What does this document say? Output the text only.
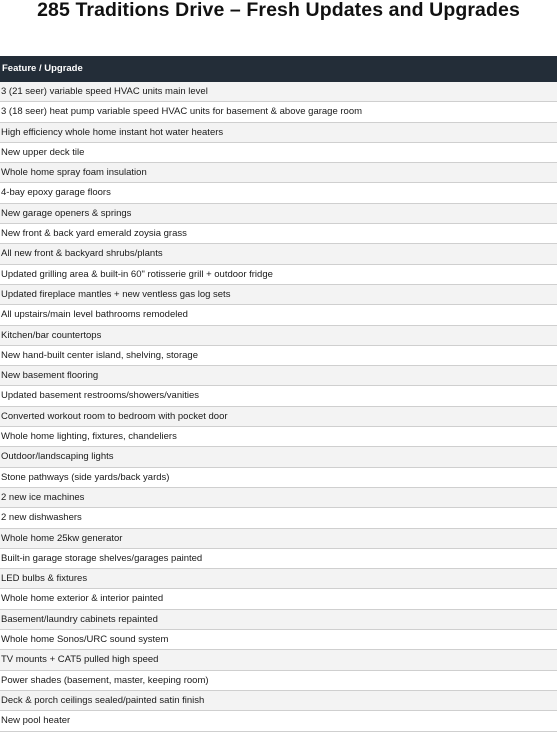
285 Traditions Drive – Fresh Updates and Upgrades
Feature / Upgrade
3 (21 seer) variable speed HVAC units main level
3 (18 seer) heat pump variable speed HVAC units for basement & above garage room
High efficiency whole home instant hot water heaters
New upper deck tile
Whole home spray foam insulation
4-bay epoxy garage floors
New garage openers & springs
New front & back yard emerald zoysia grass
All new front & backyard shrubs/plants
Updated grilling area & built-in 60" rotisserie grill + outdoor fridge
Updated fireplace mantles + new ventless gas log sets
All upstairs/main level bathrooms remodeled
Kitchen/bar countertops
New hand-built center island, shelving, storage
New basement flooring
Updated basement restrooms/showers/vanities
Converted workout room to bedroom with pocket door
Whole home lighting, fixtures, chandeliers
Outdoor/landscaping lights
Stone pathways (side yards/back yards)
2 new ice machines
2 new dishwashers
Whole home 25kw generator
Built-in garage storage shelves/garages painted
LED bulbs & fixtures
Whole home exterior & interior painted
Basement/laundry cabinets repainted
Whole home Sonos/URC sound system
TV mounts + CAT5 pulled high speed
Power shades (basement, master, keeping room)
Deck & porch ceilings sealed/painted satin finish
New pool heater
